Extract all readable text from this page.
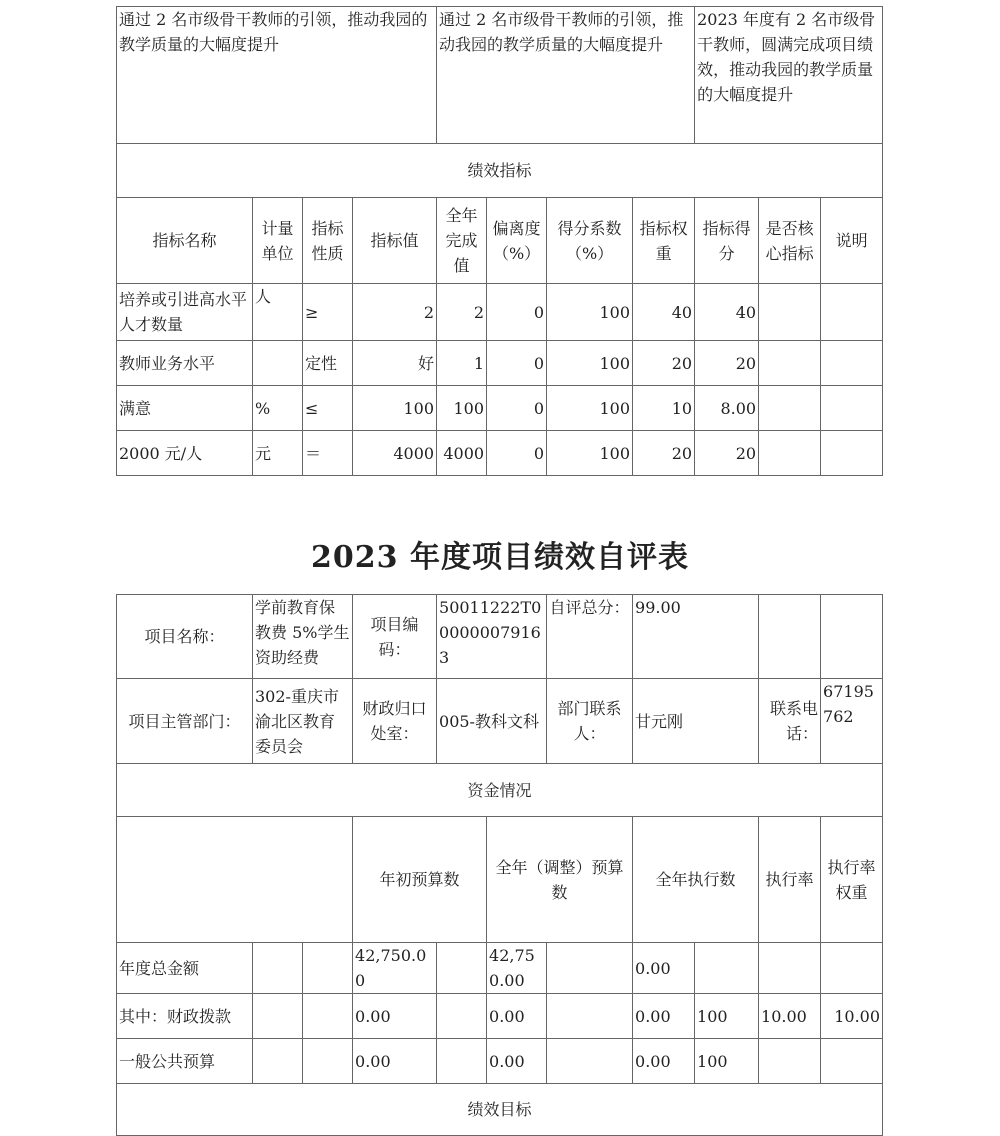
通过 2 名市级骨干教师的引领，推动我园的教学质量的大幅度提升				通过 2 名市级骨干教师的引领，推动我园的教学质量的大幅度提升				2023 年度有 2 名市级骨干教师，圆满完成项目绩效，推动我园的教学质量的大幅度提升		
绩效指标										
指标名称	计量单位	指标性质	指标值	全年完成值	偏离度（%）	得分系数（%）	指标权重	指标得分	是否核心指标	说明
培养或引进高水平人才数量	人	≥	2	2	0	100	40	40		
教师业务水平		定性	好	1	0	100	20	20		
满意	%	≤	100	100	0	100	10	8.00		
2000 元/人	元	＝	4000	4000	0	100	20	20		
2023 年度项目绩效自评表
项目名称：	学前教育保教费 5%学生资助经费		项目编码：	50011222T000000079163		自评总分：	99.00				
项目主管部门：	302-重庆市渝北区教育委员会		财政归口处室：	005-教科文科		部门联系人：	甘元刚		联系电话：	67195762	
资金情况											
			年初预算数		全年（调整）预算数		全年执行数		执行率	执行率权重	
年度总金额			42,750.00		42,750.00		0.00				
其中：财政拨款			0.00		0.00		0.00	100	10.00	10.00	
一般公共预算			0.00		0.00		0.00	100			
绩效目标											
